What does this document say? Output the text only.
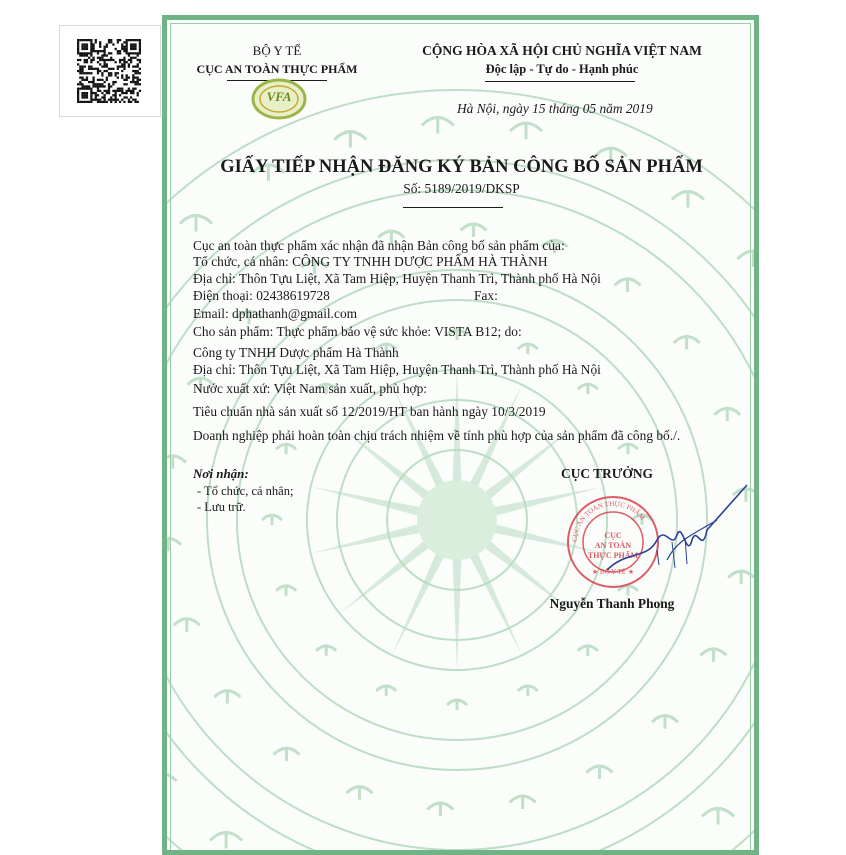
BỘ Y TẾ
CỤC AN TOÀN THỰC PHẨM
VFA
CỘNG HÒA XÃ HỘI CHỦ NGHĨA VIỆT NAM
Độc lập - Tự do - Hạnh phúc
Hà Nội, ngày 15 tháng 05 năm 2019
GIẤY TIẾP NHẬN ĐĂNG KÝ BẢN CÔNG BỐ SẢN PHẨM
Số: 5189/2019/DKSP
Cục an toàn thực phẩm xác nhận đã nhận Bản công bố sản phẩm của:
Tổ chức, cá nhân: CÔNG TY TNHH DƯỢC PHẨM HÀ THÀNH
Địa chỉ: Thôn Tựu Liệt, Xã Tam Hiệp, Huyện Thanh Trì, Thành phố Hà Nội
Điện thoại: 02438619728	Fax:
Email: dphathanh@gmail.com
Cho sản phẩm: Thực phẩm bảo vệ sức khỏe: VISTA B12; do:
Công ty TNHH Dược phẩm Hà Thành
Địa chỉ: Thôn Tựu Liệt, Xã Tam Hiệp, Huyện Thanh Trì, Thành phố Hà Nội
Nước xuất xứ: Việt Nam sản xuất, phù hợp:
Tiêu chuẩn nhà sản xuất số 12/2019/HT ban hành ngày 10/3/2019
Doanh nghiệp phải hoàn toàn chịu trách nhiệm về tính phù hợp của sản phẩm đã công bố./.
Nơi nhận:
- Tổ chức, cá nhân;
- Lưu trữ.
CỤC TRƯỞNG
CỤC AN TOÀN THỰC PHẨM
CỤC
AN TOÀN
THỰC PHẨM
★ BỘ Y TẾ ★
Nguyễn Thanh Phong
